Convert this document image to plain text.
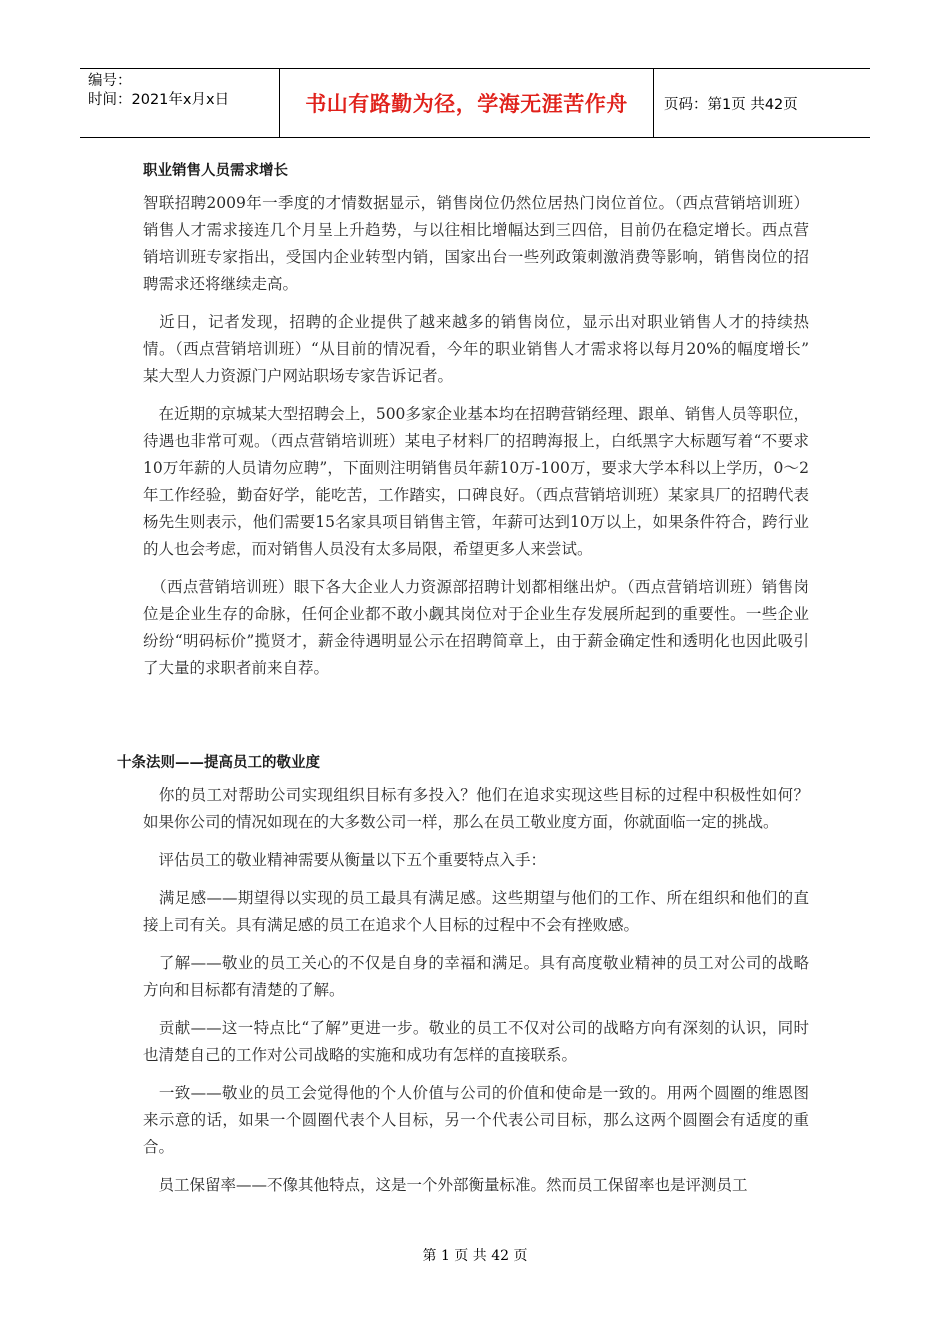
编号：
时间：2021年x月x日	书山有路勤为径，学海无涯苦作舟	页码：第1页 共42页
职业销售人员需求增长

智联招聘2009年一季度的才情数据显示，销售岗位仍然位居热门岗位首位。（西点营销培训班）销售人才需求接连几个月呈上升趋势，与以往相比增幅达到三四倍，目前仍在稳定增长。西点营销培训班专家指出，受国内企业转型内销，国家出台一些列政策刺激消费等影响，销售岗位的招聘需求还将继续走高。

　近日，记者发现，招聘的企业提供了越来越多的销售岗位，显示出对职业销售人才的持续热情。（西点营销培训班）“从目前的情况看，今年的职业销售人才需求将以每月20%的幅度增长” 某大型人力资源门户网站职场专家告诉记者。

　在近期的京城某大型招聘会上，500多家企业基本均在招聘营销经理、跟单、销售人员等职位，待遇也非常可观。（西点营销培训班）某电子材料厂的招聘海报上，白纸黑字大标题写着“不要求10万年薪的人员请勿应聘”，下面则注明销售员年薪10万-100万，要求大学本科以上学历，0～2年工作经验，勤奋好学，能吃苦，工作踏实，口碑良好。（西点营销培训班）某家具厂的招聘代表杨先生则表示，他们需要15名家具项目销售主管，年薪可达到10万以上，如果条件符合，跨行业的人也会考虑，而对销售人员没有太多局限，希望更多人来尝试。

　（西点营销培训班）眼下各大企业人力资源部招聘计划都相继出炉。（西点营销培训班）销售岗位是企业生存的命脉，任何企业都不敢小觑其岗位对于企业生存发展所起到的重要性。一些企业纷纷“明码标价”揽贤才，薪金待遇明显公示在招聘简章上，由于薪金确定性和透明化也因此吸引了大量的求职者前来自荐。

十条法则——提高员工的敬业度

　你的员工对帮助公司实现组织目标有多投入？他们在追求实现这些目标的过程中积极性如何？如果你公司的情况如现在的大多数公司一样，那么在员工敬业度方面，你就面临一定的挑战。

　评估员工的敬业精神需要从衡量以下五个重要特点入手：

　满足感——期望得以实现的员工最具有满足感。这些期望与他们的工作、所在组织和他们的直接上司有关。具有满足感的员工在追求个人目标的过程中不会有挫败感。

　了解——敬业的员工关心的不仅是自身的幸福和满足。具有高度敬业精神的员工对公司的战略方向和目标都有清楚的了解。

　贡献——这一特点比“了解”更进一步。敬业的员工不仅对公司的战略方向有深刻的认识，同时也清楚自己的工作对公司战略的实施和成功有怎样的直接联系。

　一致——敬业的员工会觉得他的个人价值与公司的价值和使命是一致的。用两个圆圈的维恩图来示意的话，如果一个圆圈代表个人目标，另一个代表公司目标，那么这两个圆圈会有适度的重合。

　员工保留率——不像其他特点，这是一个外部衡量标准。然而员工保留率也是评测员工

第 1 页 共 42 页
